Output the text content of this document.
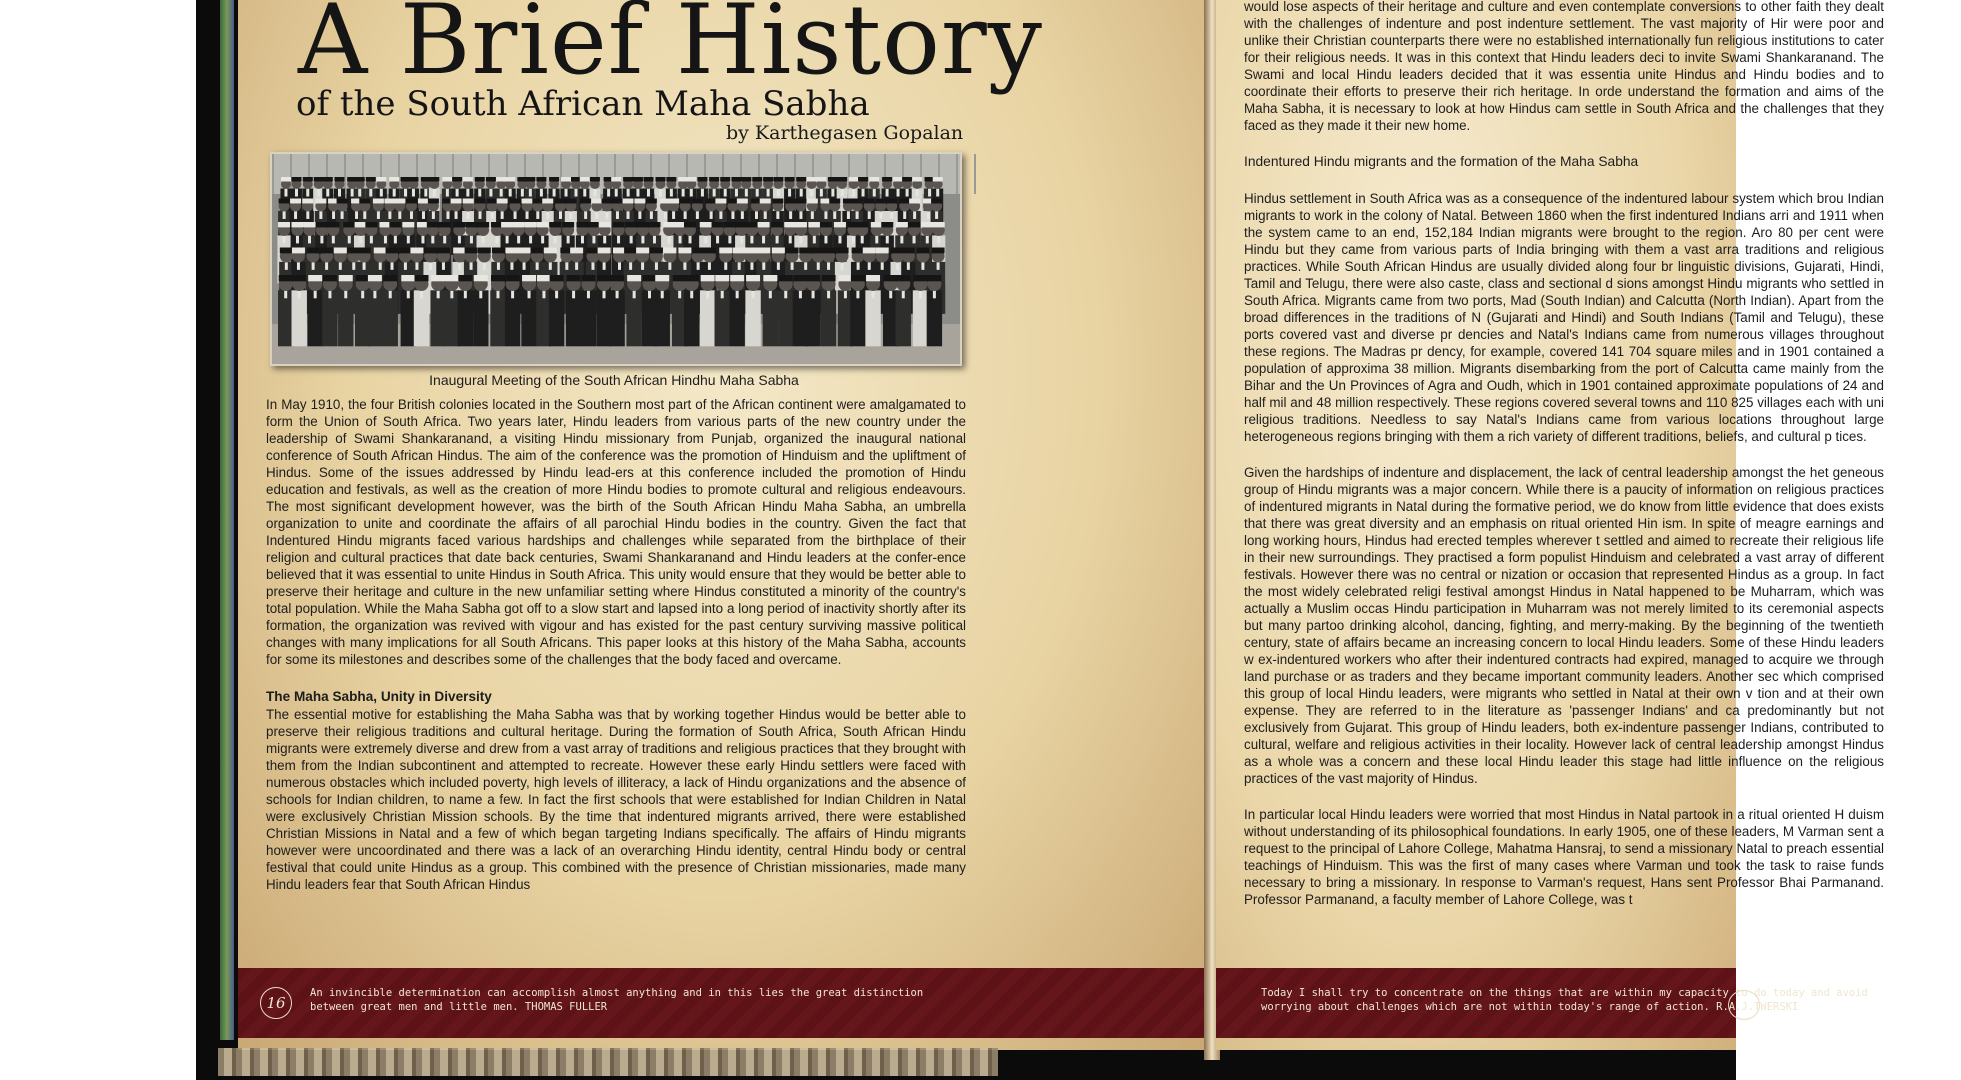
A Brief History
of the South African Maha Sabha
by Karthegasen Gopalan
Inaugural Meeting of the South African Hindhu Maha Sabha

In May 1910, the four British colonies located in the Southern most part of the African continent were amalgamated to form the Union of South Africa. Two years later, Hindu leaders from various parts of the new country under the leadership of Swami Shankaranand, a visiting Hindu missionary from Punjab, organized the inaugural national conference of South African Hindus. The aim of the conference was the promotion of Hinduism and the upliftment of Hindus. Some of the issues addressed by Hindu lead-ers at this conference included the promotion of Hindu education and festivals, as well as the creation of more Hindu bodies to promote cultural and religious endeavours. The most significant development however, was the birth of the South African Hindu Maha Sabha, an umbrella organization to unite and coordinate the affairs of all parochial Hindu bodies in the country. Given the fact that Indentured Hindu migrants faced various hardships and challenges while separated from the birthplace of their religion and cultural practices that date back centuries, Swami Shankaranand and Hindu leaders at the confer-ence believed that it was essential to unite Hindus in South Africa. This unity would ensure that they would be better able to preserve their heritage and culture in the new unfamiliar setting where Hindus constituted a minority of the country's total population. While the Maha Sabha got off to a slow start and lapsed into a long period of inactivity shortly after its formation, the organization was revived with vigour and has existed for the past century surviving massive political changes with many implications for all South Africans. This paper looks at this history of the Maha Sabha, accounts for some its milestones and describes some of the challenges that the body faced and overcame.

The Maha Sabha, Unity in Diversity

The essential motive for establishing the Maha Sabha was that by working together Hindus would be better able to preserve their religious traditions and cultural heritage. During the formation of South Africa, South African Hindu migrants were extremely diverse and drew from a vast array of traditions and religious practices that they brought with them from the Indian subcontinent and attempted to recreate. However these early Hindu settlers were faced with numerous obstacles which included poverty, high levels of illiteracy, a lack of Hindu organizations and the absence of schools for Indian children, to name a few. In fact the first schools that were established for Indian Children in Natal were exclusively Christian Mission schools. By the time that indentured migrants arrived, there were established Christian Missions in Natal and a few of which began targeting Indians specifically. The affairs of Hindu migrants however were uncoordinated and there was a lack of an overarching Hindu identity, central Hindu body or central festival that could unite Hindus as a group. This combined with the presence of Christian missionaries, made many Hindu leaders fear that South African Hindus

16
An invincible determination can accomplish almost anything and in this lies the great distinction
between great men and little men. THOMAS FULLER

would lose aspects of their heritage and culture and even contemplate conversions to other faith they dealt with the challenges of indenture and post indenture settlement. The vast majority of Hir were poor and unlike their Christian counterparts there were no established internationally fun religious institutions to cater for their religious needs. It was in this context that Hindu leaders deci to invite Swami Shankaranand. The Swami and local Hindu leaders decided that it was essentia unite Hindus and Hindu bodies and to coordinate their efforts to preserve their rich heritage. In orde understand the formation and aims of the Maha Sabha, it is necessary to look at how Hindus cam settle in South Africa and the challenges that they faced as they made it their new home.

Indentured Hindu migrants and the formation of the Maha Sabha

Hindus settlement in South Africa was as a consequence of the indentured labour system which brou Indian migrants to work in the colony of Natal. Between 1860 when the first indentured Indians arri and 1911 when the system came to an end, 152,184 Indian migrants were brought to the region. Aro 80 per cent were Hindu but they came from various parts of India bringing with them a vast arra traditions and religious practices. While South African Hindus are usually divided along four br linguistic divisions, Gujarati, Hindi, Tamil and Telugu, there were also caste, class and sectional d sions amongst Hindu migrants who settled in South Africa. Migrants came from two ports, Mad (South Indian) and Calcutta (North Indian). Apart from the broad differences in the traditions of N (Gujarati and Hindi) and South Indians (Tamil and Telugu), these ports covered vast and diverse pr dencies and Natal's Indians came from numerous villages throughout these regions. The Madras pr dency, for example, covered 141 704 square miles and in 1901 contained a population of approxima 38 million. Migrants disembarking from the port of Calcutta came mainly from the Bihar and the Un Provinces of Agra and Oudh, which in 1901 contained approximate populations of 24 and half mil and 48 million respectively. These regions covered several towns and 110 825 villages each with uni religious traditions. Needless to say Natal's Indians came from various locations throughout large heterogeneous regions bringing with them a rich variety of different traditions, beliefs, and cultural p tices.

Given the hardships of indenture and displacement, the lack of central leadership amongst the het geneous group of Hindu migrants was a major concern. While there is a paucity of information on religious practices of indentured migrants in Natal during the formative period, we do know from little evidence that does exists that there was great diversity and an emphasis on ritual oriented Hin ism. In spite of meagre earnings and long working hours, Hindus had erected temples wherever t settled and aimed to recreate their religious life in their new surroundings. They practised a form populist Hinduism and celebrated a vast array of different festivals. However there was no central or nization or occasion that represented Hindus as a group. In fact the most widely celebrated religi festival amongst Hindus in Natal happened to be Muharram, which was actually a Muslim occas Hindu participation in Muharram was not merely limited to its ceremonial aspects but many partoo drinking alcohol, dancing, fighting, and merry-making. By the beginning of the twentieth century, state of affairs became an increasing concern to local Hindu leaders. Some of these Hindu leaders w ex-indentured workers who after their indentured contracts had expired, managed to acquire we through land purchase or as traders and they became important community leaders. Another sec which comprised this group of local Hindu leaders, were migrants who settled in Natal at their own v tion and at their own expense. They are referred to in the literature as 'passenger Indians' and ca predominantly but not exclusively from Gujarat. This group of Hindu leaders, both ex-indenture passenger Indians, contributed to cultural, welfare and religious activities in their locality. However lack of central leadership amongst Hindus as a whole was a concern and these local Hindu leader this stage had little influence on the religious practices of the vast majority of Hindus.

In particular local Hindu leaders were worried that most Hindus in Natal partook in a ritual oriented H duism without understanding of its philosophical foundations. In early 1905, one of these leaders, M Varman sent a request to the principal of Lahore College, Mahatma Hansraj, to send a missionary Natal to preach essential teachings of Hinduism. This was the first of many cases where Varman und took the task to raise funds necessary to bring a missionary. In response to Varman's request, Hans sent Professor Bhai Parmanand. Professor Parmanand, a faculty member of Lahore College, was t

Today I shall try to concentrate on the things that are within my capacity to do today and avoid
worrying about challenges which are not within today's range of action. R.A.J.TWERSKI
